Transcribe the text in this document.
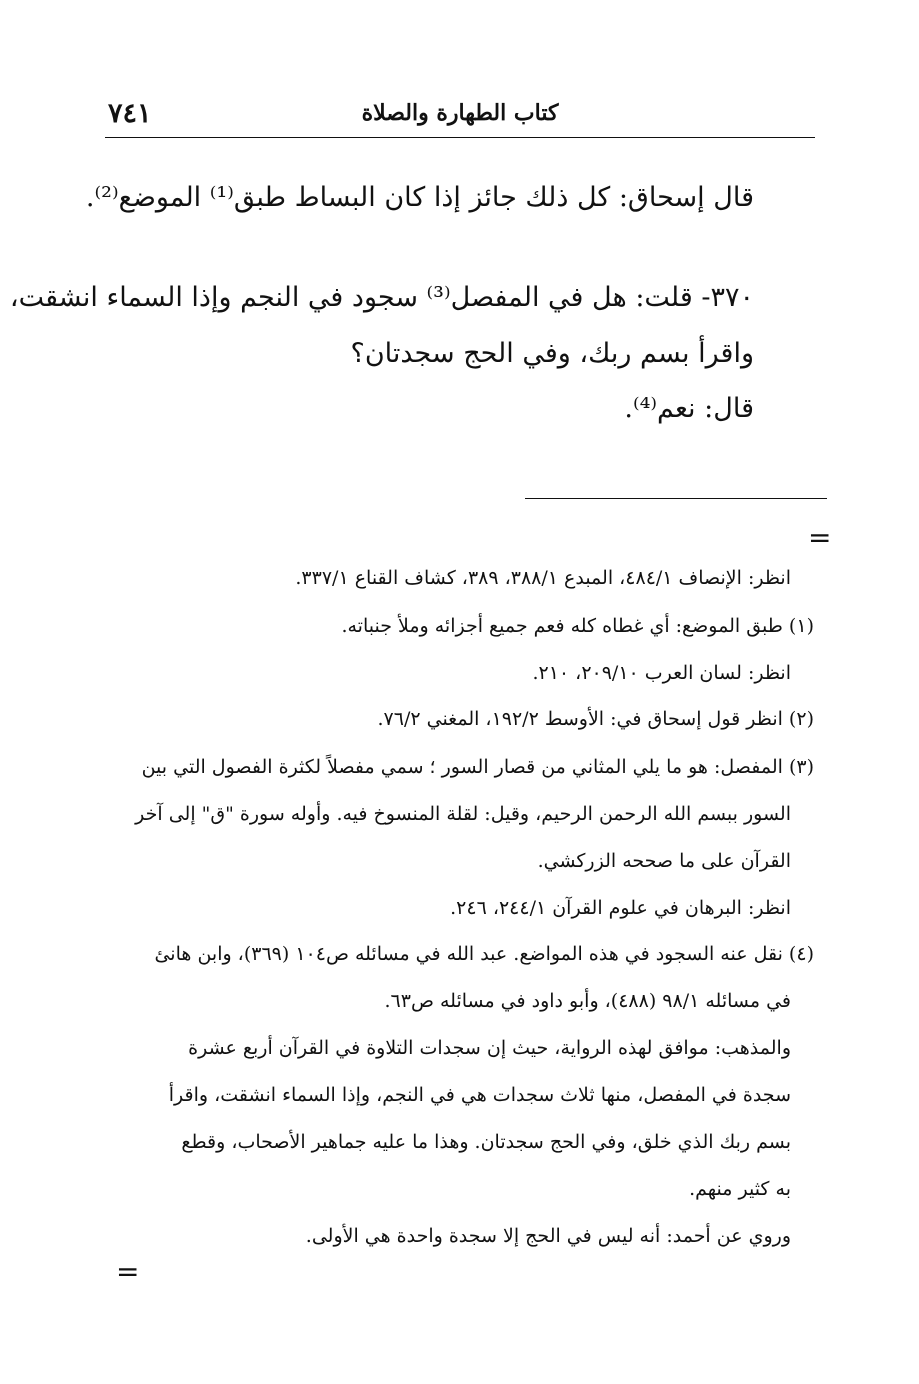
٧٤١	كتاب الطهارة والصلاة
قال إسحاق: كل ذلك جائز إذا كان البساط طبق⁽¹⁾ الموضع⁽²⁾.
٣٧٠- قلت: هل في المفصل⁽³⁾ سجود في النجم وإذا السماء انشقت،
واقرأ بسم ربك، وفي الحج سجدتان؟
قال: نعم⁽⁴⁾.
=
انظر: الإنصاف ٤٨٤/١، المبدع ٣٨٨/١، ٣٨٩، كشاف القناع ٣٣٧/١.
(١) طبق الموضع: أي غطاه كله فعم جميع أجزائه وملأ جنباته.
انظر: لسان العرب ٢٠٩/١٠، ٢١٠.
(٢) انظر قول إسحاق في: الأوسط ١٩٢/٢، المغني ٧٦/٢.
(٣) المفصل: هو ما يلي المثاني من قصار السور ؛ سمي مفصلاً لكثرة الفصول التي بين
السور ببسم الله الرحمن الرحيم، وقيل: لقلة المنسوخ فيه. وأوله سورة "ق" إلى آخر
القرآن على ما صححه الزركشي.
انظر: البرهان في علوم القرآن ٢٤٤/١، ٢٤٦.
(٤) نقل عنه السجود في هذه المواضع. عبد الله في مسائله ص١٠٤ (٣٦٩)، وابن هانئ
في مسائله ٩٨/١ (٤٨٨)، وأبو داود في مسائله ص٦٣.
والمذهب: موافق لهذه الرواية، حيث إن سجدات التلاوة في القرآن أربع عشرة
سجدة في المفصل، منها ثلاث سجدات هي في النجم، وإذا السماء انشقت، واقرأ
بسم ربك الذي خلق، وفي الحج سجدتان. وهذا ما عليه جماهير الأصحاب، وقطع
به كثير منهم.
وروي عن أحمد: أنه ليس في الحج إلا سجدة واحدة هي الأولى.
=
